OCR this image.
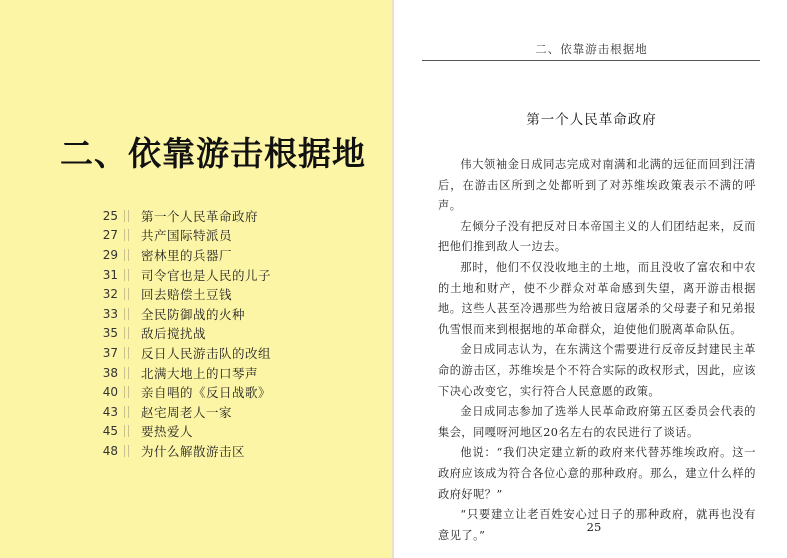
二、依靠游击根据地
25 第一个人民革命政府
27 共产国际特派员
29 密林里的兵器厂
31 司令官也是人民的儿子
32 回去赔偿土豆钱
33 全民防御战的火种
35 敌后搅扰战
37 反日人民游击队的改组
38 北满大地上的口琴声
40 亲自唱的《反日战歌》
43 赵宅周老人一家
45 要热爱人
48 为什么解散游击区
二、依靠游击根据地
第一个人民革命政府

伟大领袖金日成同志完成对南满和北满的远征而回到汪清后，在游击区所到之处都听到了对苏维埃政策表示不满的呼声。

左倾分子没有把反对日本帝国主义的人们团结起来，反而把他们推到敌人一边去。

那时，他们不仅没收地主的土地，而且没收了富农和中农的土地和财产，使不少群众对革命感到失望，离开游击根据地。这些人甚至冷遇那些为给被日寇屠杀的父母妻子和兄弟报仇雪恨而来到根据地的革命群众，迫使他们脱离革命队伍。

金日成同志认为，在东满这个需要进行反帝反封建民主革命的游击区，苏维埃是个不符合实际的政权形式，因此，应该下决心改变它，实行符合人民意愿的政策。

金日成同志参加了选举人民革命政府第五区委员会代表的集会，同嘎呀河地区20名左右的农民进行了谈话。

他说：“我们决定建立新的政府来代替苏维埃政府。这一政府应该成为符合各位心意的那种政府。那么，建立什么样的政府好呢？”

“只要建立让老百姓安心过日子的那种政府，就再也没有意见了。”

25
